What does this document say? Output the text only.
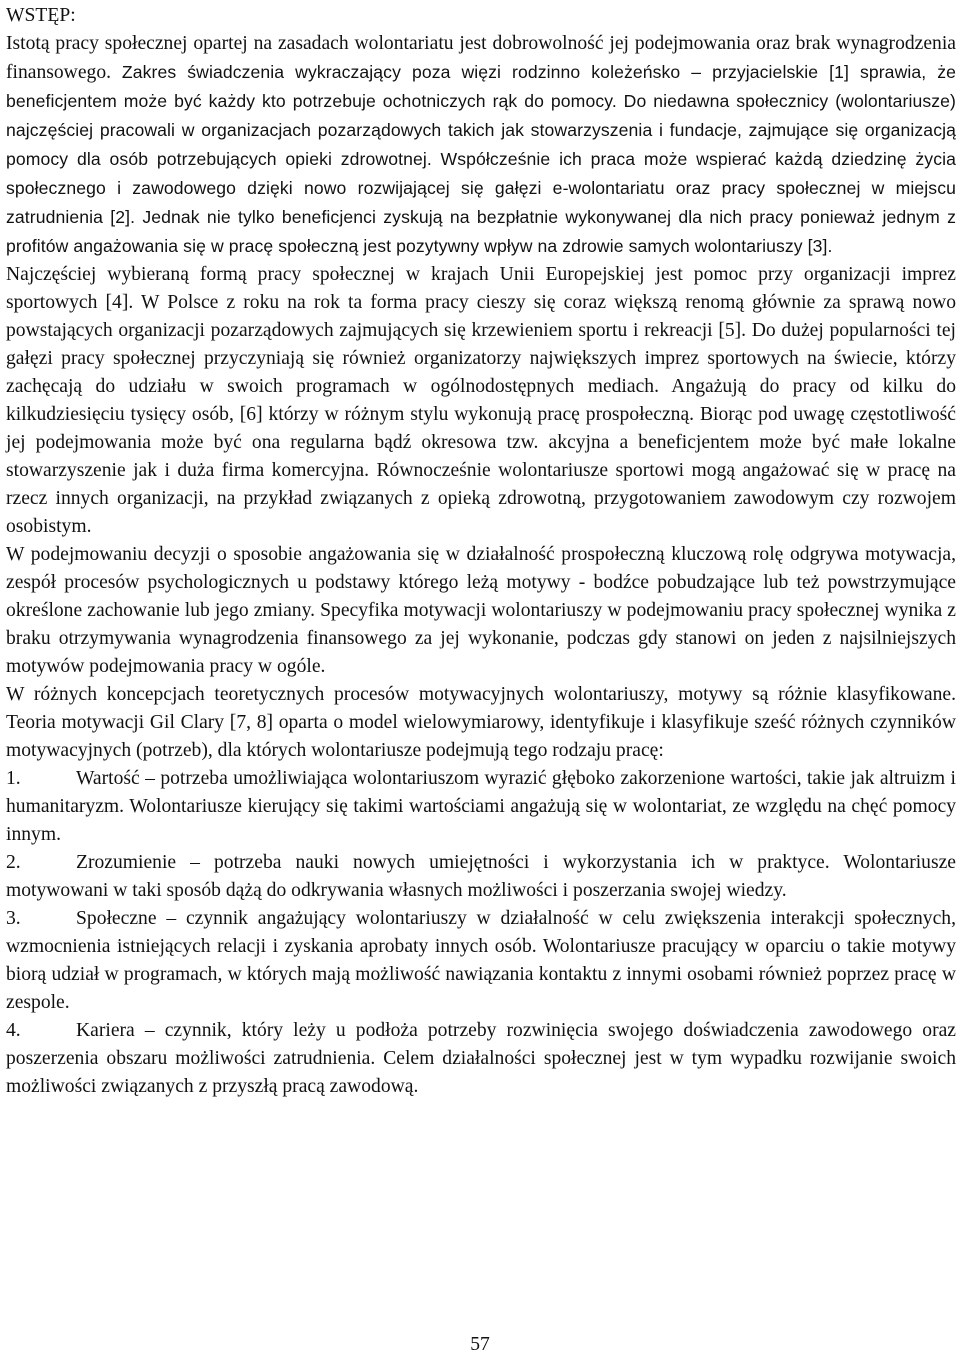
WSTĘP:

Istotą pracy społecznej opartej na zasadach wolontariatu jest dobrowolność jej podejmowania oraz brak wynagrodzenia finansowego. Zakres świadczenia wykraczający poza więzi rodzinno koleżeńsko – przyjacielskie [1] sprawia, że beneficjentem może być każdy kto potrzebuje ochotniczych rąk do pomocy. Do niedawna społecznicy (wolontariusze) najczęściej pracowali w organizacjach pozarządowych takich jak stowarzyszenia i fundacje, zajmujące się organizacją pomocy dla osób potrzebujących opieki zdrowotnej. Współcześnie ich praca może wspierać każdą dziedzinę życia społecznego i zawodowego dzięki nowo rozwijającej się gałęzi e-wolontariatu oraz pracy społecznej w miejscu zatrudnienia [2]. Jednak nie tylko beneficjenci zyskują na bezpłatnie wykonywanej dla nich pracy ponieważ jednym z profitów angażowania się w pracę społeczną jest pozytywny wpływ na zdrowie samych wolontariuszy [3].

Najczęściej wybieraną formą pracy społecznej w krajach Unii Europejskiej jest pomoc przy organizacji imprez sportowych [4]. W Polsce z roku na rok ta forma pracy cieszy się coraz większą renomą głównie za sprawą nowo powstających organizacji pozarządowych zajmujących się krzewieniem sportu i rekreacji [5]. Do dużej popularności tej gałęzi pracy społecznej przyczyniają się również organizatorzy największych imprez sportowych na świecie, którzy zachęcają do udziału w swoich programach w ogólnodostępnych mediach. Angażują do pracy od kilku do kilkudziesięciu tysięcy osób, [6] którzy w różnym stylu wykonują pracę prospołeczną. Biorąc pod uwagę częstotliwość jej podejmowania może być ona regularna bądź okresowa tzw. akcyjna a beneficjentem może być małe lokalne stowarzyszenie jak i duża firma komercyjna. Równocześnie wolontariusze sportowi mogą angażować się w pracę na rzecz innych organizacji, na przykład związanych z opieką zdrowotną, przygotowaniem zawodowym czy rozwojem osobistym.

W podejmowaniu decyzji o sposobie angażowania się w działalność prospołeczną kluczową rolę odgrywa motywacja, zespół procesów psychologicznych u podstawy którego leżą motywy - bodźce pobudzające lub też powstrzymujące określone zachowanie lub jego zmiany. Specyfika motywacji wolontariuszy w podejmowaniu pracy społecznej wynika z braku otrzymywania wynagrodzenia finansowego za jej wykonanie, podczas gdy stanowi on jeden z najsilniejszych motywów podejmowania pracy w ogóle.

W różnych koncepcjach teoretycznych procesów motywacyjnych wolontariuszy, motywy są różnie klasyfikowane. Teoria motywacji Gil Clary [7, 8] oparta o model wielowymiarowy, identyfikuje i klasyfikuje sześć różnych czynników motywacyjnych (potrzeb), dla których wolontariusze podejmują tego rodzaju pracę:

1.	Wartość – potrzeba umożliwiająca wolontariuszom wyrazić głęboko zakorzenione wartości, takie jak altruizm i humanitaryzm. Wolontariusze kierujący się takimi wartościami angażują się w wolontariat, ze względu na chęć pomocy innym.
2.	Zrozumienie – potrzeba nauki nowych umiejętności i wykorzystania ich w praktyce. Wolontariusze motywowani w taki sposób dążą do odkrywania własnych możliwości i poszerzania swojej wiedzy.
3.	Społeczne – czynnik angażujący wolontariuszy w działalność w celu zwiększenia interakcji społecznych, wzmocnienia istniejących relacji i zyskania aprobaty innych osób. Wolontariusze pracujący w oparciu o takie motywy biorą udział w programach, w których mają możliwość nawiązania kontaktu z innymi osobami również poprzez pracę w zespole.
4.	Kariera – czynnik, który leży u podłoża potrzeby rozwinięcia swojego doświadczenia zawodowego oraz poszerzenia obszaru możliwości zatrudnienia. Celem działalności społecznej jest w tym wypadku rozwijanie swoich możliwości związanych z przyszłą pracą zawodową.
57
